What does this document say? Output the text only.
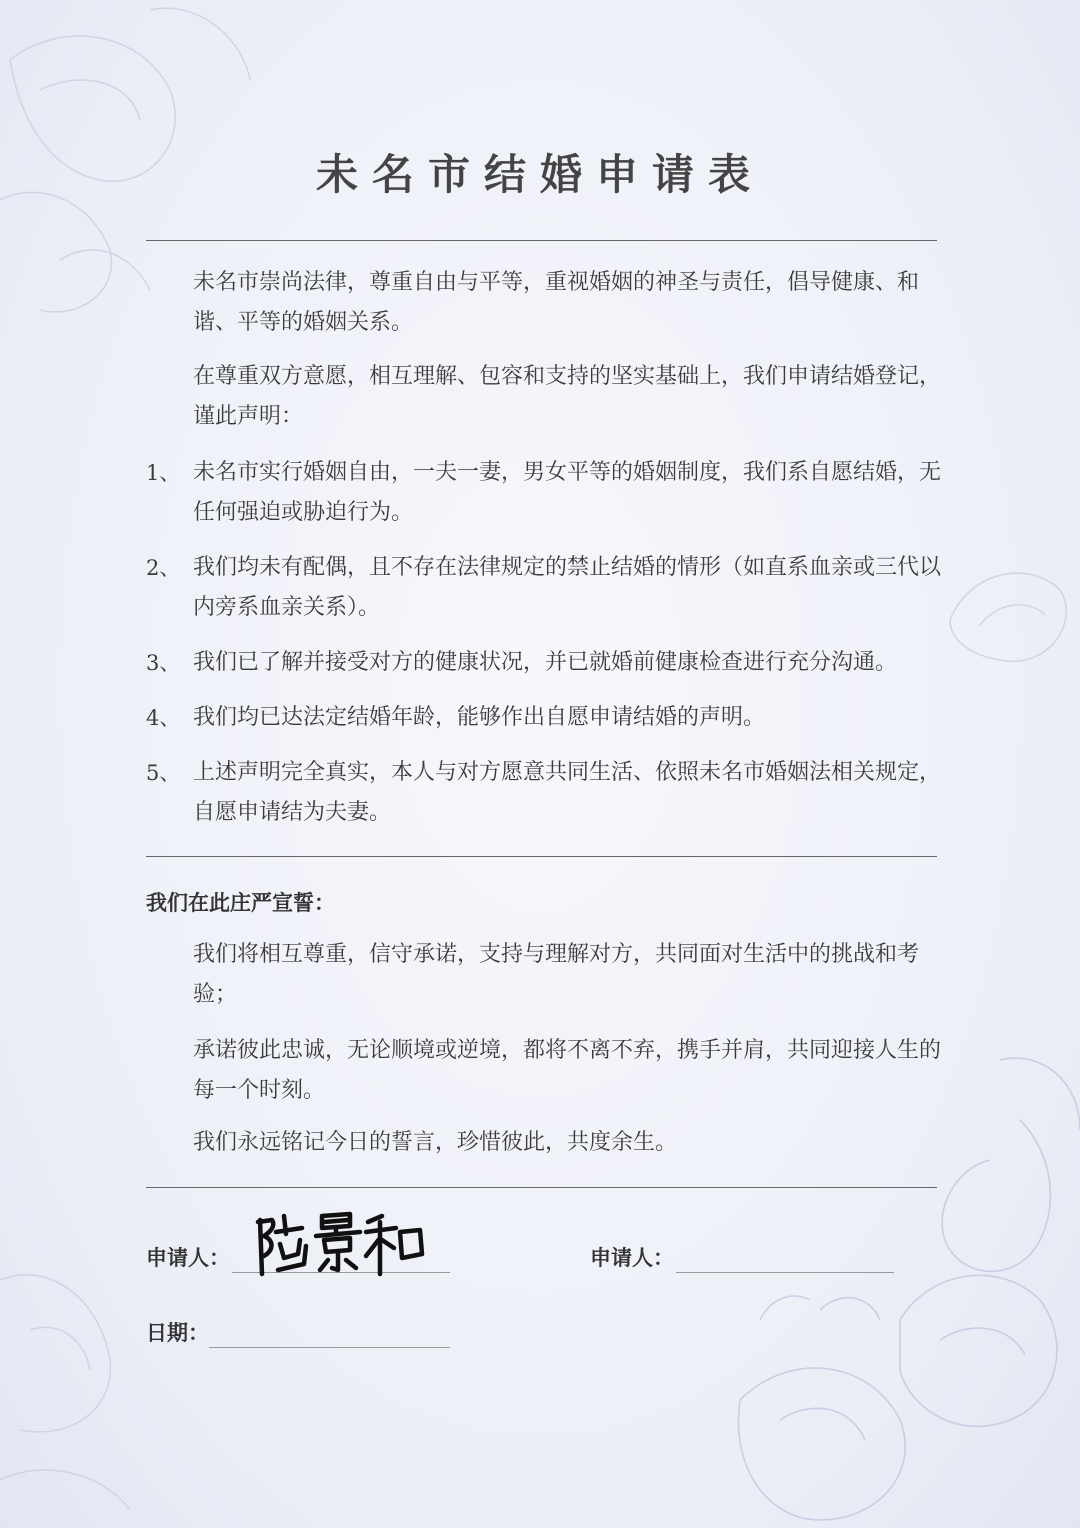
未名市结婚申请表
未名市崇尚法律，尊重自由与平等，重视婚姻的神圣与责任，倡导健康、和谐、平等的婚姻关系。
在尊重双方意愿，相互理解、包容和支持的坚实基础上，我们申请结婚登记，谨此声明：
1、 未名市实行婚姻自由，一夫一妻，男女平等的婚姻制度，我们系自愿结婚，无任何强迫或胁迫行为。
2、 我们均未有配偶，且不存在法律规定的禁止结婚的情形（如直系血亲或三代以内旁系血亲关系）。
3、 我们已了解并接受对方的健康状况，并已就婚前健康检查进行充分沟通。
4、 我们均已达法定结婚年龄，能够作出自愿申请结婚的声明。
5、 上述声明完全真实，本人与对方愿意共同生活、依照未名市婚姻法相关规定，自愿申请结为夫妻。
我们在此庄严宣誓：
我们将相互尊重，信守承诺，支持与理解对方，共同面对生活中的挑战和考验；
承诺彼此忠诚，无论顺境或逆境，都将不离不弃，携手并肩，共同迎接人生的每一个时刻。
我们永远铭记今日的誓言，珍惜彼此，共度余生。
申请人：	申请人：
日期：
